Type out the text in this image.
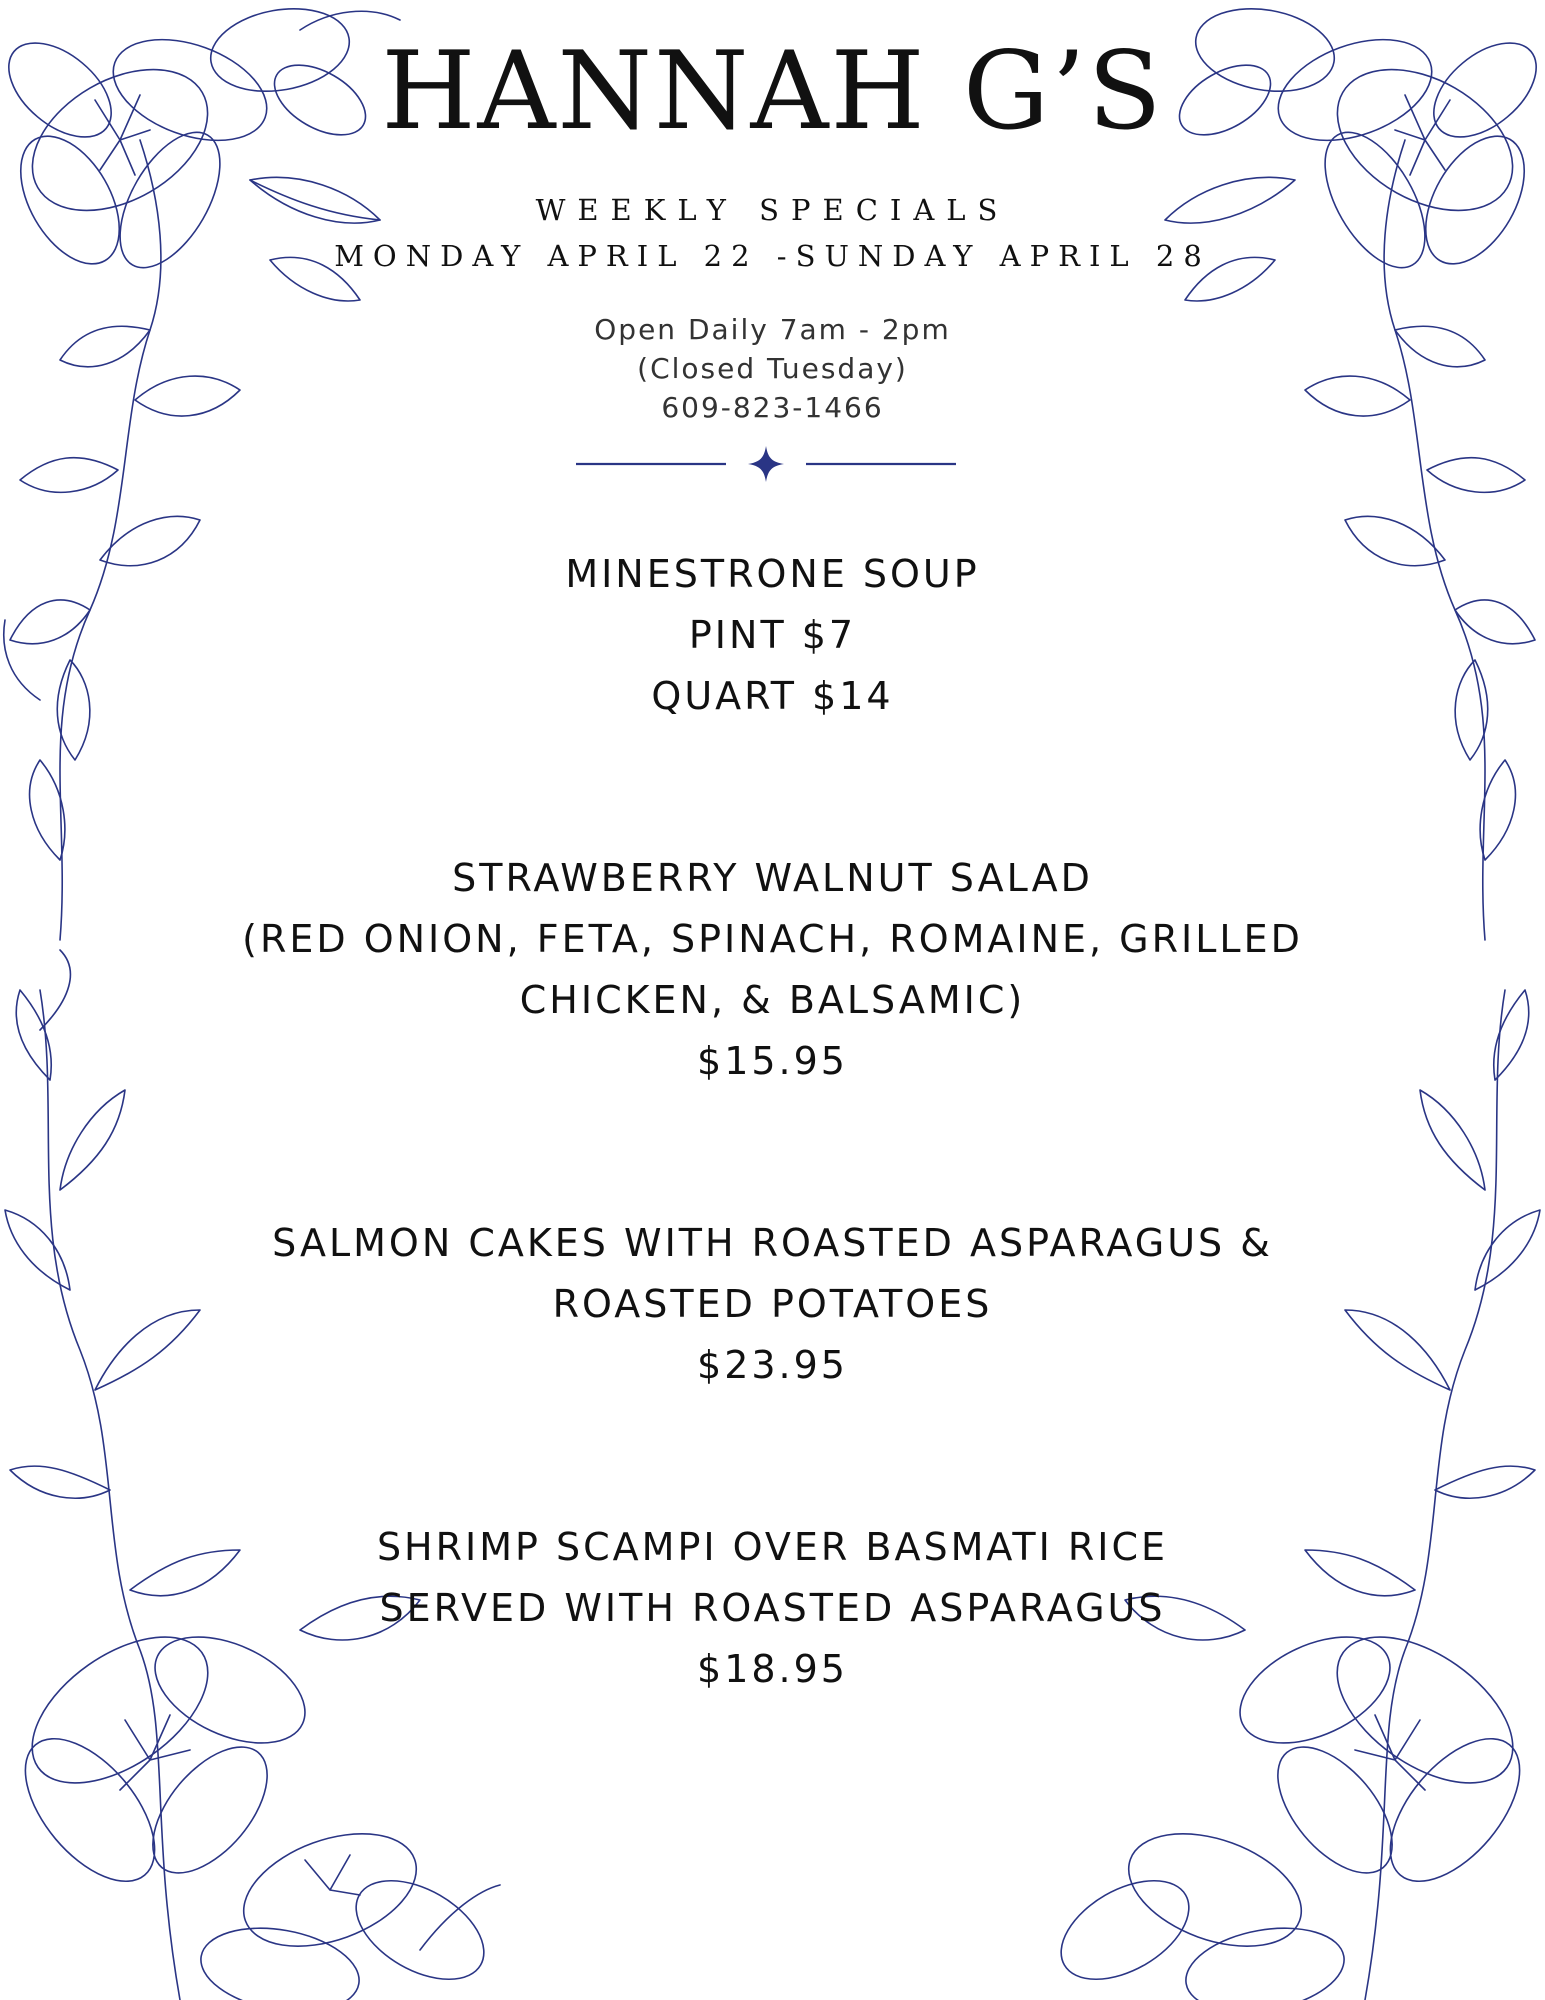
HANNAH G’S
WEEKLY SPECIALS
MONDAY APRIL 22 -SUNDAY APRIL 28
Open Daily 7am - 2pm
(Closed Tuesday)
609-823-1466
MINESTRONE SOUP
PINT $7
QUART $14
STRAWBERRY WALNUT SALAD
(RED ONION, FETA, SPINACH, ROMAINE, GRILLED
CHICKEN, & BALSAMIC)
$15.95
SALMON CAKES WITH ROASTED ASPARAGUS &
ROASTED POTATOES
$23.95
SHRIMP SCAMPI OVER BASMATI RICE
SERVED WITH ROASTED ASPARAGUS
$18.95
